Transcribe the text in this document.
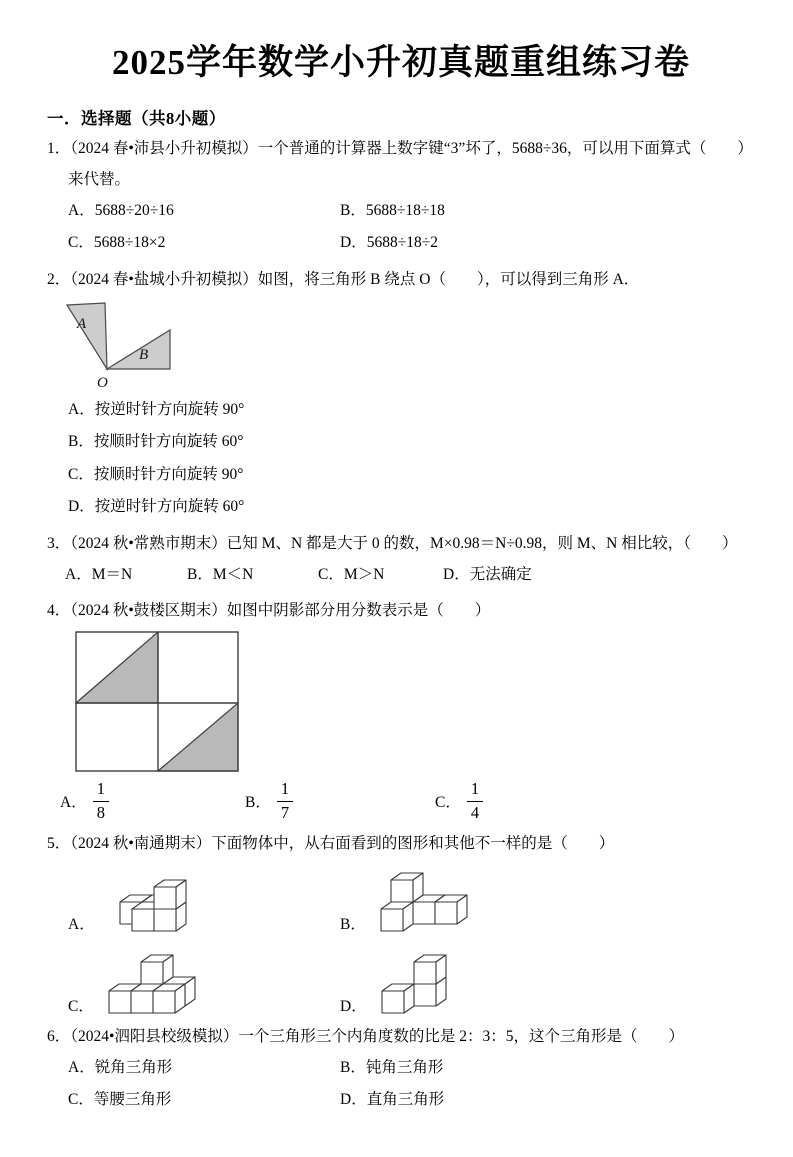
2025学年数学小升初真题重组练习卷
一．选择题（共8小题）

1．（2024 春•沛县小升初模拟）一个普通的计算器上数字键“3”坏了，5688÷36，可以用下面算式（　　）来代替。

A．5688÷20÷16	B．5688÷18÷18
C．5688÷18×2	D．5688÷18÷2

2．（2024 春•盐城小升初模拟）如图，将三角形 B 绕点 O（　　），可以得到三角形 A．

A
B
O
A．按逆时针方向旋转 90°
B．按顺时针方向旋转 60°
C．按顺时针方向旋转 90°
D．按逆时针方向旋转 60°

3．（2024 秋•常熟市期末）已知 M、N 都是大于 0 的数，M×0.98＝N÷0.98，则 M、N 相比较，（　　）

A．M＝N	B．M＜N	C．M＞N	D．无法确定

4．（2024 秋•鼓楼区期末）如图中阴影部分用分数表示是（　　）

A． $\frac{1}{8}$	B． $\frac{1}{7}$	C． $\frac{1}{4}$

5．（2024 秋•南通期末）下面物体中，从右面看到的图形和其他不一样的是（　　）

A．	B．
C．	D．

6．（2024•泗阳县校级模拟）一个三角形三个内角度数的比是 2：3：5，这个三角形是（　　）

A．锐角三角形	B．钝角三角形
C．等腰三角形	D．直角三角形
